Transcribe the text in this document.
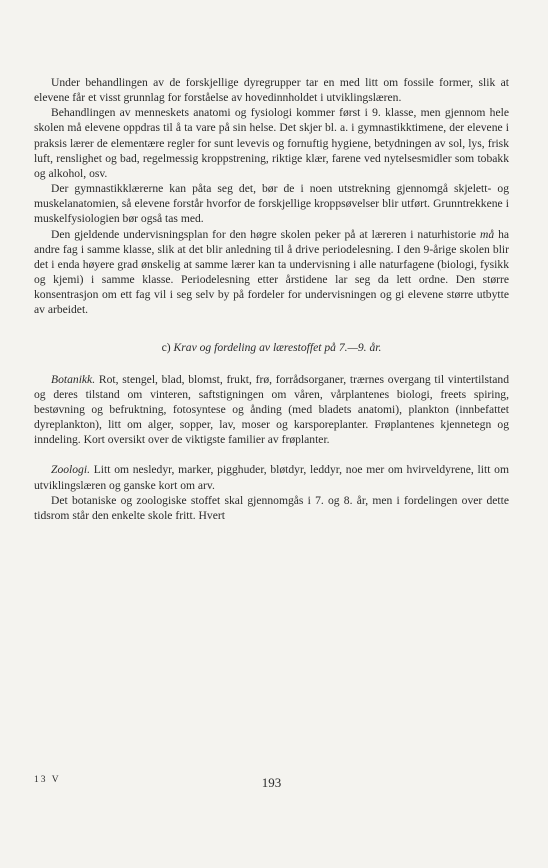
Under behandlingen av de forskjellige dyregrupper tar en med litt om fossile former, slik at elevene får et visst grunnlag for forståelse av hovedinnholdet i utviklingslæren.

Behandlingen av menneskets anatomi og fysiologi kommer først i 9. klasse, men gjennom hele skolen må elevene oppdras til å ta vare på sin helse. Det skjer bl. a. i gymnastikktimene, der elevene i praksis lærer de elementære regler for sunt levevis og fornuftig hygiene, betydningen av sol, lys, frisk luft, renslighet og bad, regelmessig kroppstrening, riktige klær, farene ved nytelsesmidler som tobakk og alkohol, osv.

Der gymnastikklærerne kan påta seg det, bør de i noen utstrekning gjennomgå skjelett- og muskelanatomien, så elevene forstår hvorfor de forskjellige kroppsøvelser blir utført. Grunntrekkene i muskelfysiologien bør også tas med.

Den gjeldende undervisningsplan for den høgre skolen peker på at læreren i naturhistorie må ha andre fag i samme klasse, slik at det blir anledning til å drive periodelesning. I den 9-årige skolen blir det i enda høyere grad ønskelig at samme lærer kan ta undervisning i alle naturfagene (biologi, fysikk og kjemi) i samme klasse. Periodelesning etter årstidene lar seg da lett ordne. Den større konsentrasjon om ett fag vil i seg selv by på fordeler for undervisningen og gi elevene større utbytte av arbeidet.

c) Krav og fordeling av lærestoffet på 7.—9. år.

Botanikk. Rot, stengel, blad, blomst, frukt, frø, forrådsorganer, trærnes overgang til vintertilstand og deres tilstand om vinteren, saftstigningen om våren, vårplantenes biologi, freets spiring, bestøvning og befruktning, fotosyntese og ånding (med bladets anatomi), plankton (innbefattet dyreplankton), litt om alger, sopper, lav, moser og karsporeplanter. Frøplantenes kjennetegn og inndeling. Kort oversikt over de viktigste familier av frøplanter.

Zoologi. Litt om nesledyr, marker, pigghuder, bløtdyr, leddyr, noe mer om hvirveldyrene, litt om utviklingslæren og ganske kort om arv.

Det botaniske og zoologiske stoffet skal gjennomgås i 7. og 8. år, men i fordelingen over dette tidsrom står den enkelte skole fritt. Hvert

13 V	193
